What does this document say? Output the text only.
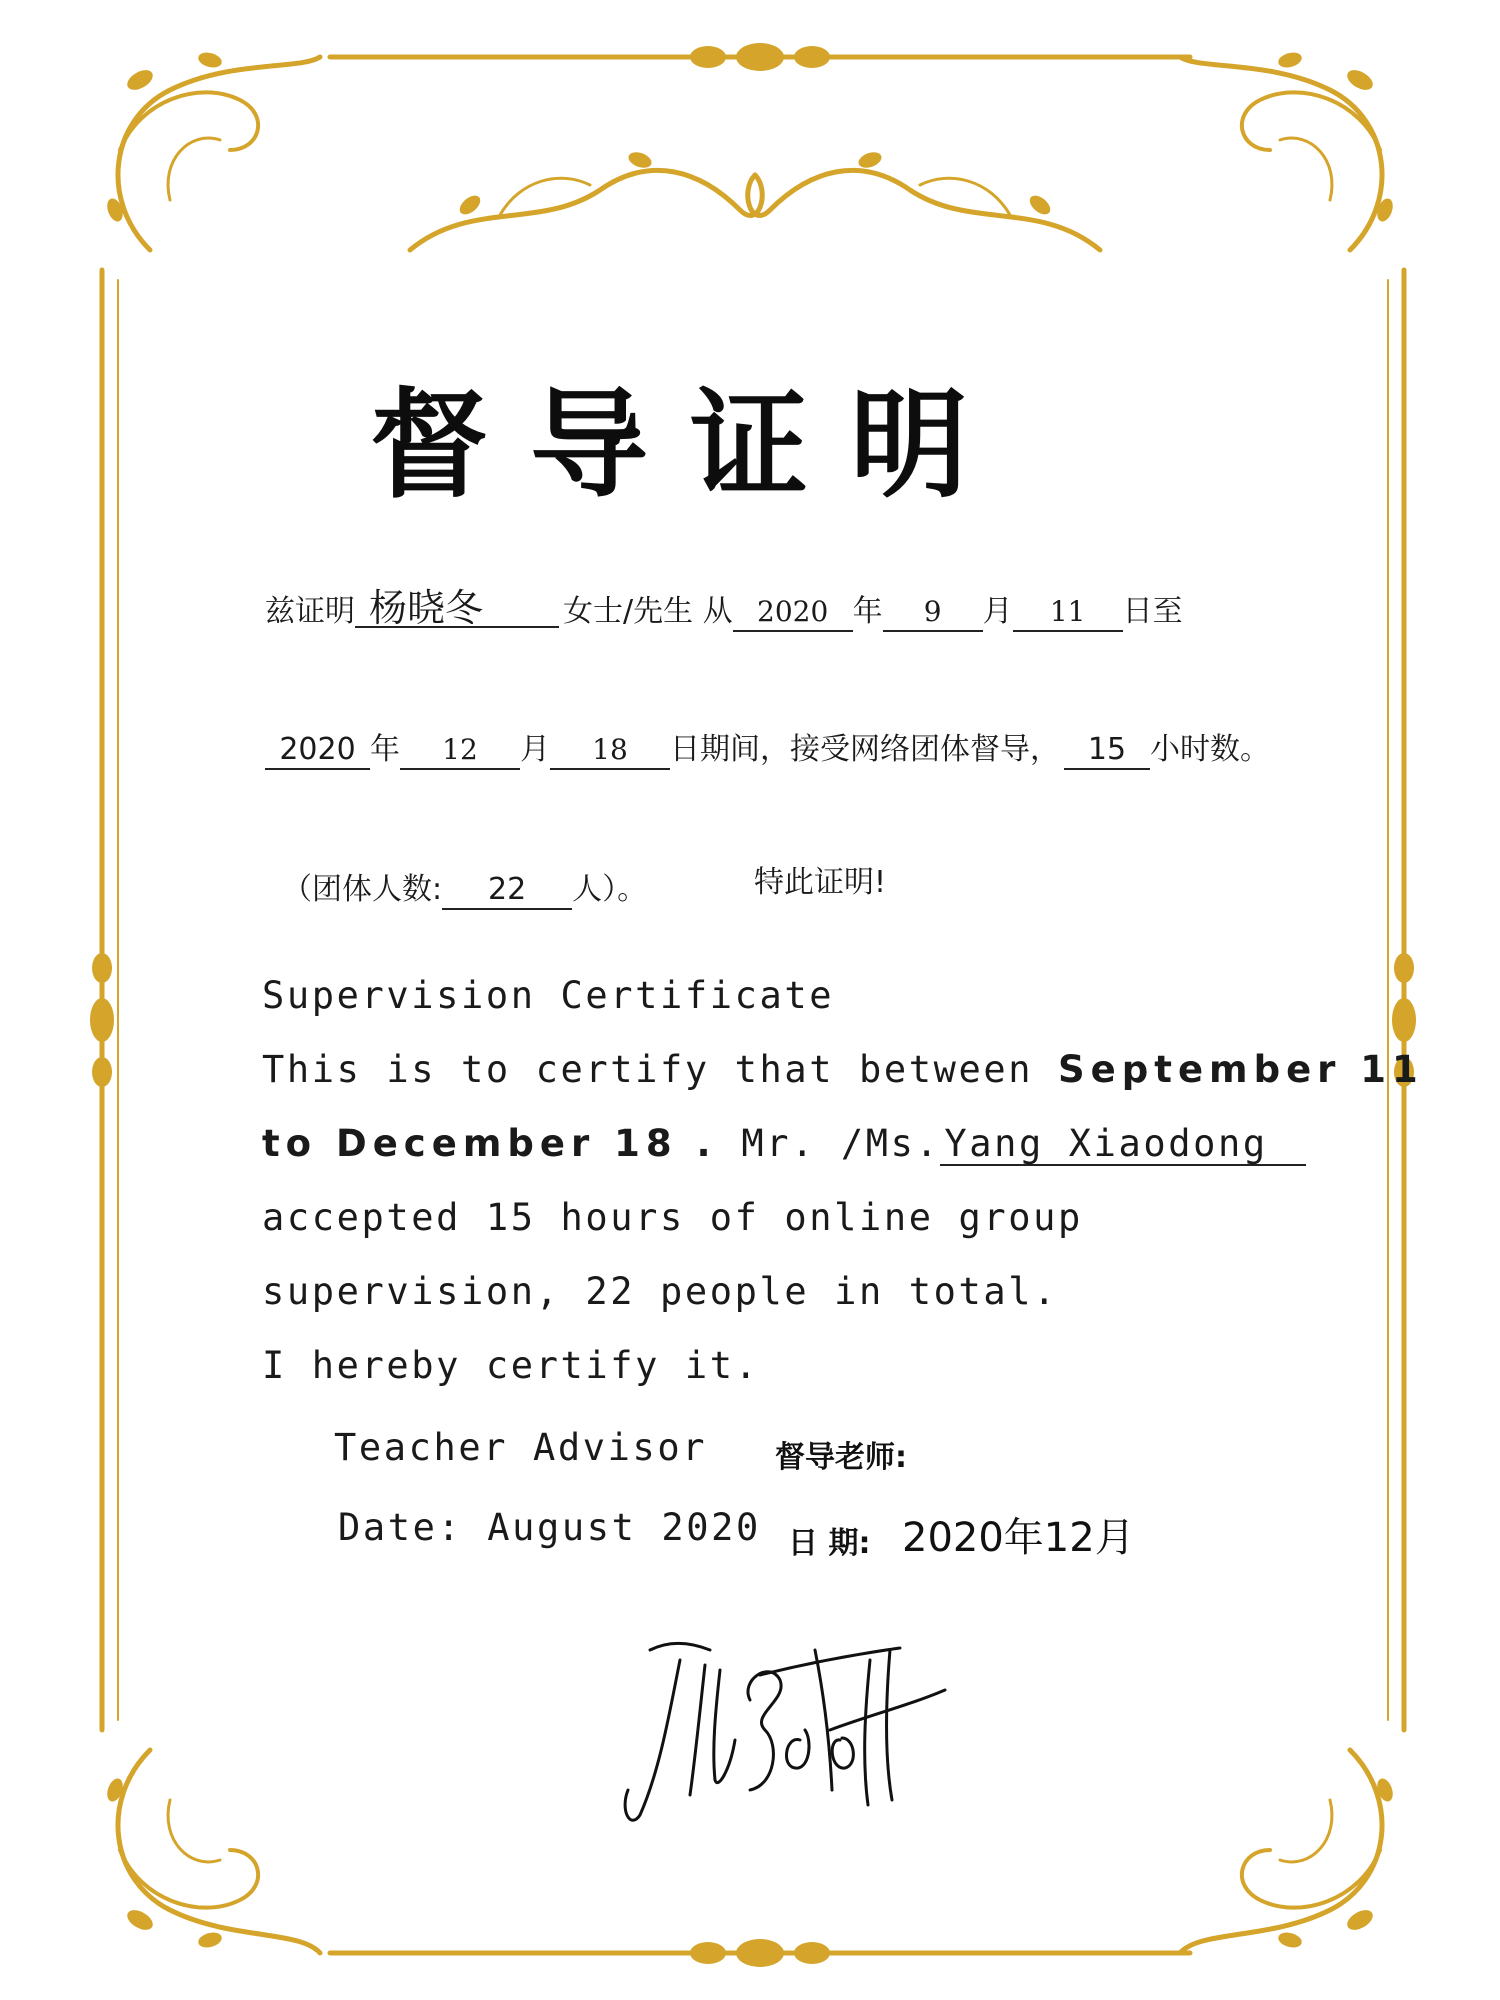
督导证明
兹证明 杨晓冬	女士/先生 从 2020 年 9 月 11 日至
2020 年 12 月 18 日期间，接受网络团体督导， 15 小时数。
（团体人数: 22 人）。	特此证明!
Supervision Certificate
This is to certify that between September 11
to December 18 . Mr. /Ms. Yang Xiaodong
accepted 15 hours of online group
supervision, 22 people in total.
I hereby certify it.
Teacher Advisor 督导老师:
Date: August 2020 日 期: 2020年12月
